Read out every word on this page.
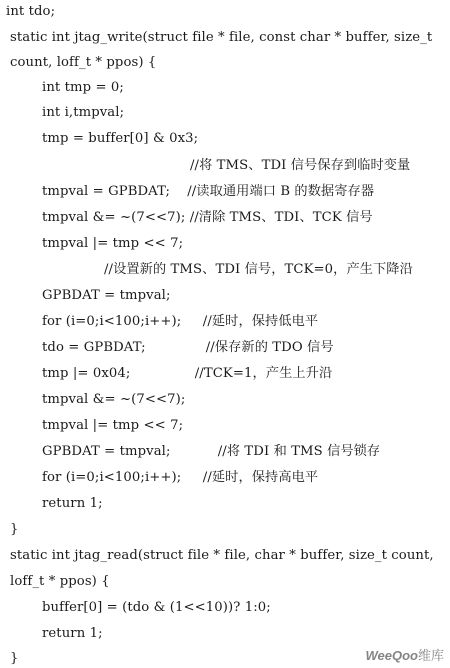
int tdo;
static int jtag_write(struct file * file, const char * buffer, size_t
count, loff_t * ppos) {
int tmp = 0;
int i,tmpval;
tmp = buffer[0] & 0x3;
//将 TMS、TDI 信号保存到临时变量
tmpval = GPBDAT;    //读取通用端口 B 的数据寄存器
tmpval &= ~(7<<7); //清除 TMS、TDI、TCK 信号
tmpval |= tmp << 7;
//设置新的 TMS、TDI 信号，TCK=0，产生下降沿
GPBDAT = tmpval;
for (i=0;i<100;i++);     //延时，保持低电平
tdo = GPBDAT;              //保存新的 TDO 信号
tmp |= 0x04;               //TCK=1，产生上升沿
tmpval &= ~(7<<7);
tmpval |= tmp << 7;
GPBDAT = tmpval;           //将 TDI 和 TMS 信号锁存
for (i=0;i<100;i++);     //延时，保持高电平
return 1;
}
static int jtag_read(struct file * file, char * buffer, size_t count,
loff_t * ppos) {
buffer[0] = (tdo & (1<<10))? 1:0;
return 1;
}	WeeQoo维库
